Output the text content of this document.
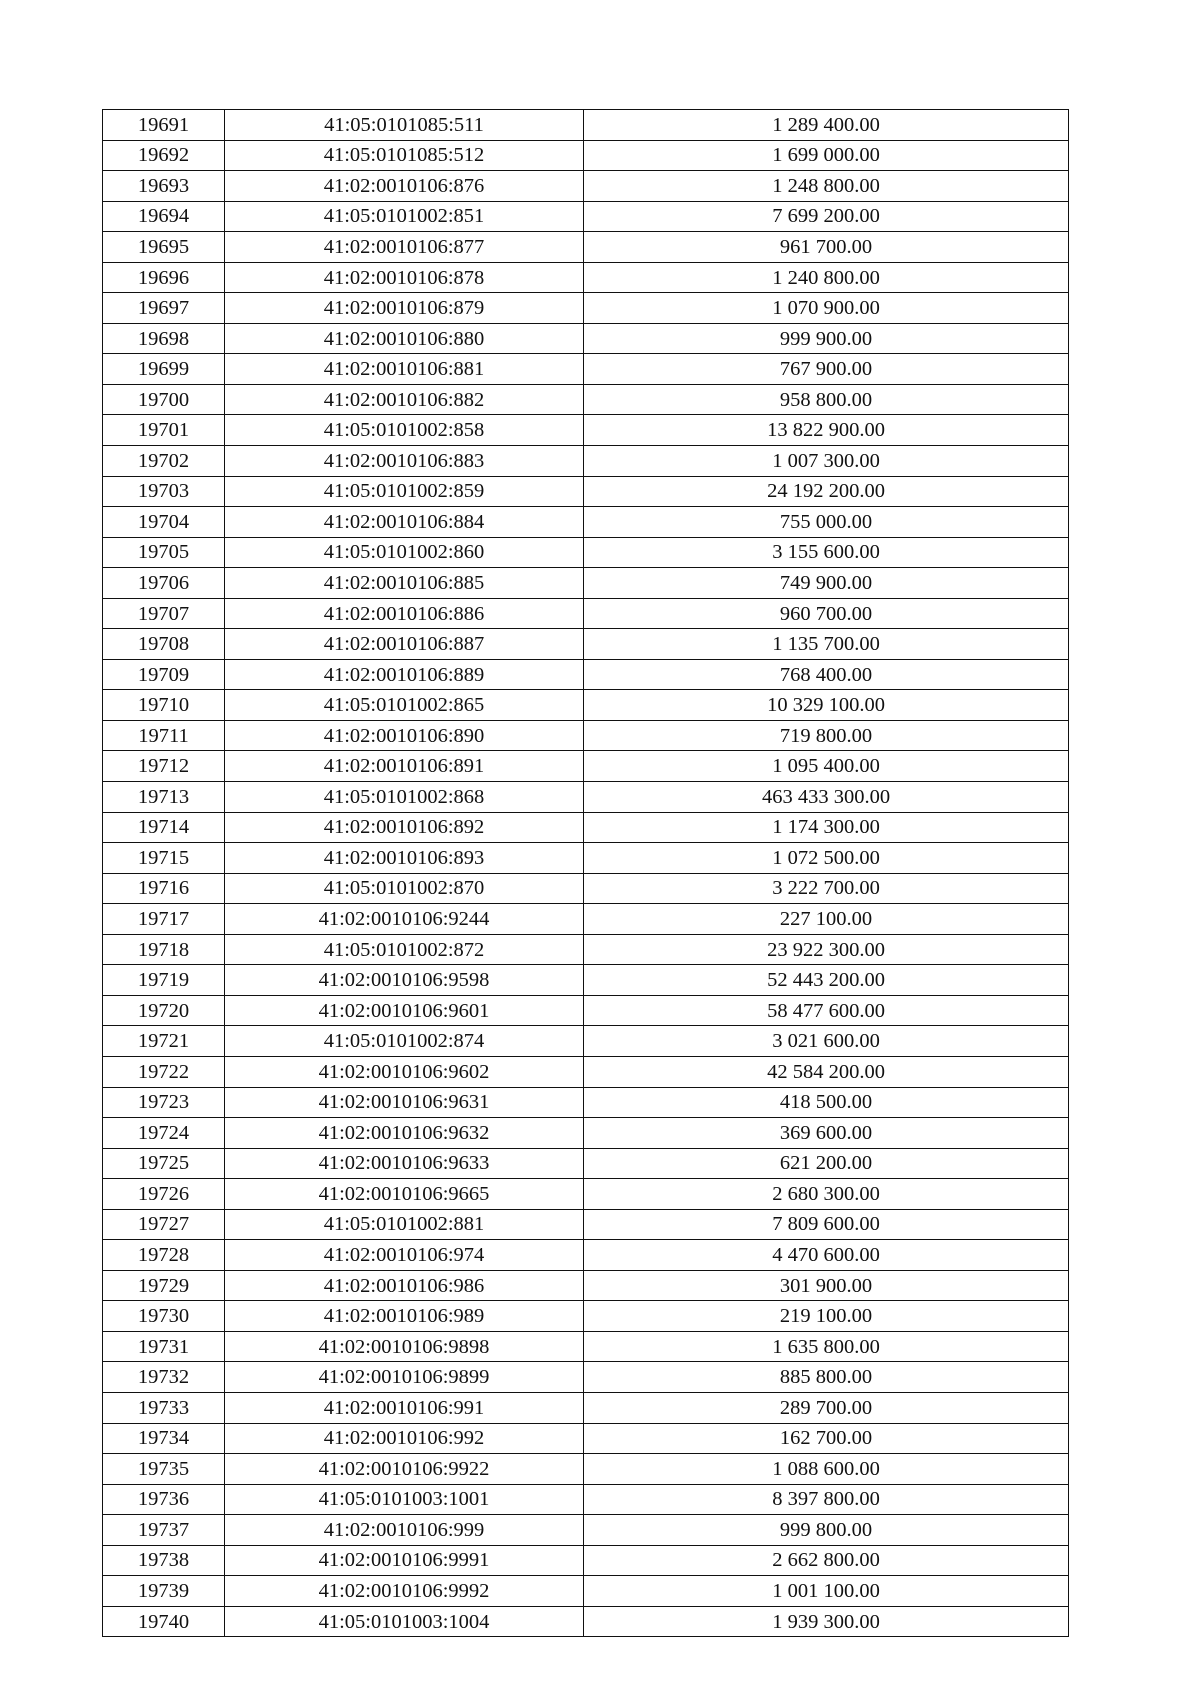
19691	41:05:0101085:511	1 289 400.00
19692	41:05:0101085:512	1 699 000.00
19693	41:02:0010106:876	1 248 800.00
19694	41:05:0101002:851	7 699 200.00
19695	41:02:0010106:877	961 700.00
19696	41:02:0010106:878	1 240 800.00
19697	41:02:0010106:879	1 070 900.00
19698	41:02:0010106:880	999 900.00
19699	41:02:0010106:881	767 900.00
19700	41:02:0010106:882	958 800.00
19701	41:05:0101002:858	13 822 900.00
19702	41:02:0010106:883	1 007 300.00
19703	41:05:0101002:859	24 192 200.00
19704	41:02:0010106:884	755 000.00
19705	41:05:0101002:860	3 155 600.00
19706	41:02:0010106:885	749 900.00
19707	41:02:0010106:886	960 700.00
19708	41:02:0010106:887	1 135 700.00
19709	41:02:0010106:889	768 400.00
19710	41:05:0101002:865	10 329 100.00
19711	41:02:0010106:890	719 800.00
19712	41:02:0010106:891	1 095 400.00
19713	41:05:0101002:868	463 433 300.00
19714	41:02:0010106:892	1 174 300.00
19715	41:02:0010106:893	1 072 500.00
19716	41:05:0101002:870	3 222 700.00
19717	41:02:0010106:9244	227 100.00
19718	41:05:0101002:872	23 922 300.00
19719	41:02:0010106:9598	52 443 200.00
19720	41:02:0010106:9601	58 477 600.00
19721	41:05:0101002:874	3 021 600.00
19722	41:02:0010106:9602	42 584 200.00
19723	41:02:0010106:9631	418 500.00
19724	41:02:0010106:9632	369 600.00
19725	41:02:0010106:9633	621 200.00
19726	41:02:0010106:9665	2 680 300.00
19727	41:05:0101002:881	7 809 600.00
19728	41:02:0010106:974	4 470 600.00
19729	41:02:0010106:986	301 900.00
19730	41:02:0010106:989	219 100.00
19731	41:02:0010106:9898	1 635 800.00
19732	41:02:0010106:9899	885 800.00
19733	41:02:0010106:991	289 700.00
19734	41:02:0010106:992	162 700.00
19735	41:02:0010106:9922	1 088 600.00
19736	41:05:0101003:1001	8 397 800.00
19737	41:02:0010106:999	999 800.00
19738	41:02:0010106:9991	2 662 800.00
19739	41:02:0010106:9992	1 001 100.00
19740	41:05:0101003:1004	1 939 300.00
